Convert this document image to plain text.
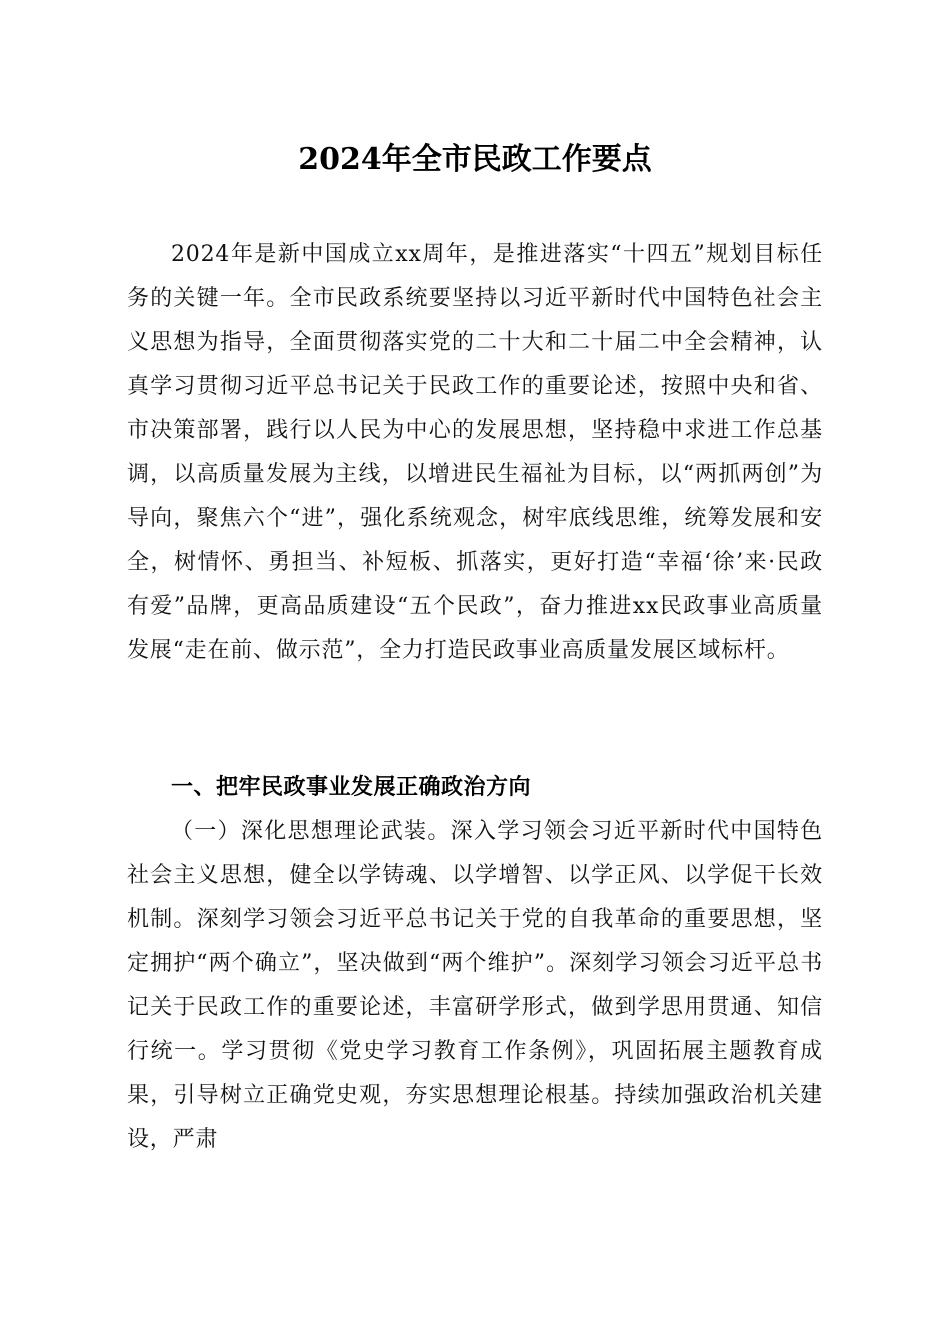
2024年全市民政工作要点

2024年是新中国成立xx周年，是推进落实“十四五”规划目标任务的关键一年。全市民政系统要坚持以习近平新时代中国特色社会主义思想为指导，全面贯彻落实党的二十大和二十届二中全会精神，认真学习贯彻习近平总书记关于民政工作的重要论述，按照中央和省、市决策部署，践行以人民为中心的发展思想，坚持稳中求进工作总基调，以高质量发展为主线，以增进民生福祉为目标，以“两抓两创”为导向，聚焦六个“进”，强化系统观念，树牢底线思维，统筹发展和安全，树情怀、勇担当、补短板、抓落实，更好打造“幸福‘徐’来·民政有爱”品牌，更高品质建设“五个民政”，奋力推进xx民政事业高质量发展“走在前、做示范”，全力打造民政事业高质量发展区域标杆。

一、把牢民政事业发展正确政治方向

（一）深化思想理论武装。深入学习领会习近平新时代中国特色社会主义思想，健全以学铸魂、以学增智、以学正风、以学促干长效机制。深刻学习领会习近平总书记关于党的自我革命的重要思想，坚定拥护“两个确立”，坚决做到“两个维护”。深刻学习领会习近平总书记关于民政工作的重要论述，丰富研学形式，做到学思用贯通、知信行统一。学习贯彻《党史学习教育工作条例》，巩固拓展主题教育成果，引导树立正确党史观，夯实思想理论根基。持续加强政治机关建设，严肃
